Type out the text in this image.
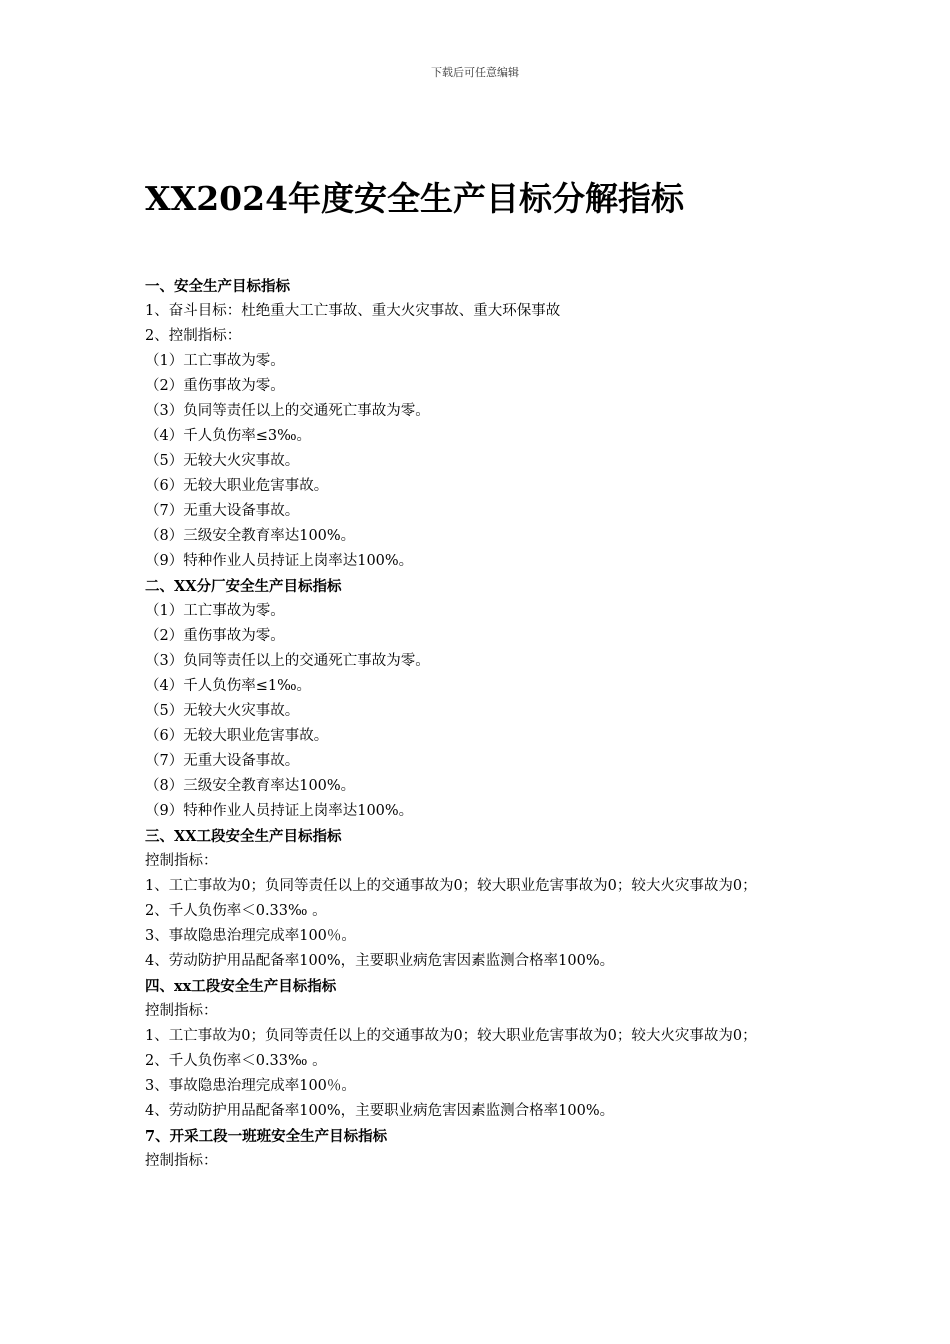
下载后可任意编辑
XX2024年度安全生产目标分解指标
一、安全生产目标指标
1、奋斗目标：杜绝重大工亡事故、重大火灾事故、重大环保事故
2、控制指标：
（1）工亡事故为零。
（2）重伤事故为零。
（3）负同等责任以上的交通死亡事故为零。
（4）千人负伤率≤3‰。
（5）无较大火灾事故。
（6）无较大职业危害事故。
（7）无重大设备事故。
（8）三级安全教育率达100%。
（9）特种作业人员持证上岗率达100%。
二、XX分厂安全生产目标指标
（1）工亡事故为零。
（2）重伤事故为零。
（3）负同等责任以上的交通死亡事故为零。
（4）千人负伤率≤1‰。
（5）无较大火灾事故。
（6）无较大职业危害事故。
（7）无重大设备事故。
（8）三级安全教育率达100%。
（9）特种作业人员持证上岗率达100%。
三、XX工段安全生产目标指标
控制指标：
1、工亡事故为0；负同等责任以上的交通事故为0；较大职业危害事故为0；较大火灾事故为0；
2、千人负伤率＜0.33‰ 。
3、事故隐患治理完成率100％。
4、劳动防护用品配备率100%，主要职业病危害因素监测合格率100%。
四、xx工段安全生产目标指标
控制指标：
1、工亡事故为0；负同等责任以上的交通事故为0；较大职业危害事故为0；较大火灾事故为0；
2、千人负伤率＜0.33‰ 。
3、事故隐患治理完成率100％。
4、劳动防护用品配备率100%，主要职业病危害因素监测合格率100%。
7、开采工段一班班安全生产目标指标
控制指标：
